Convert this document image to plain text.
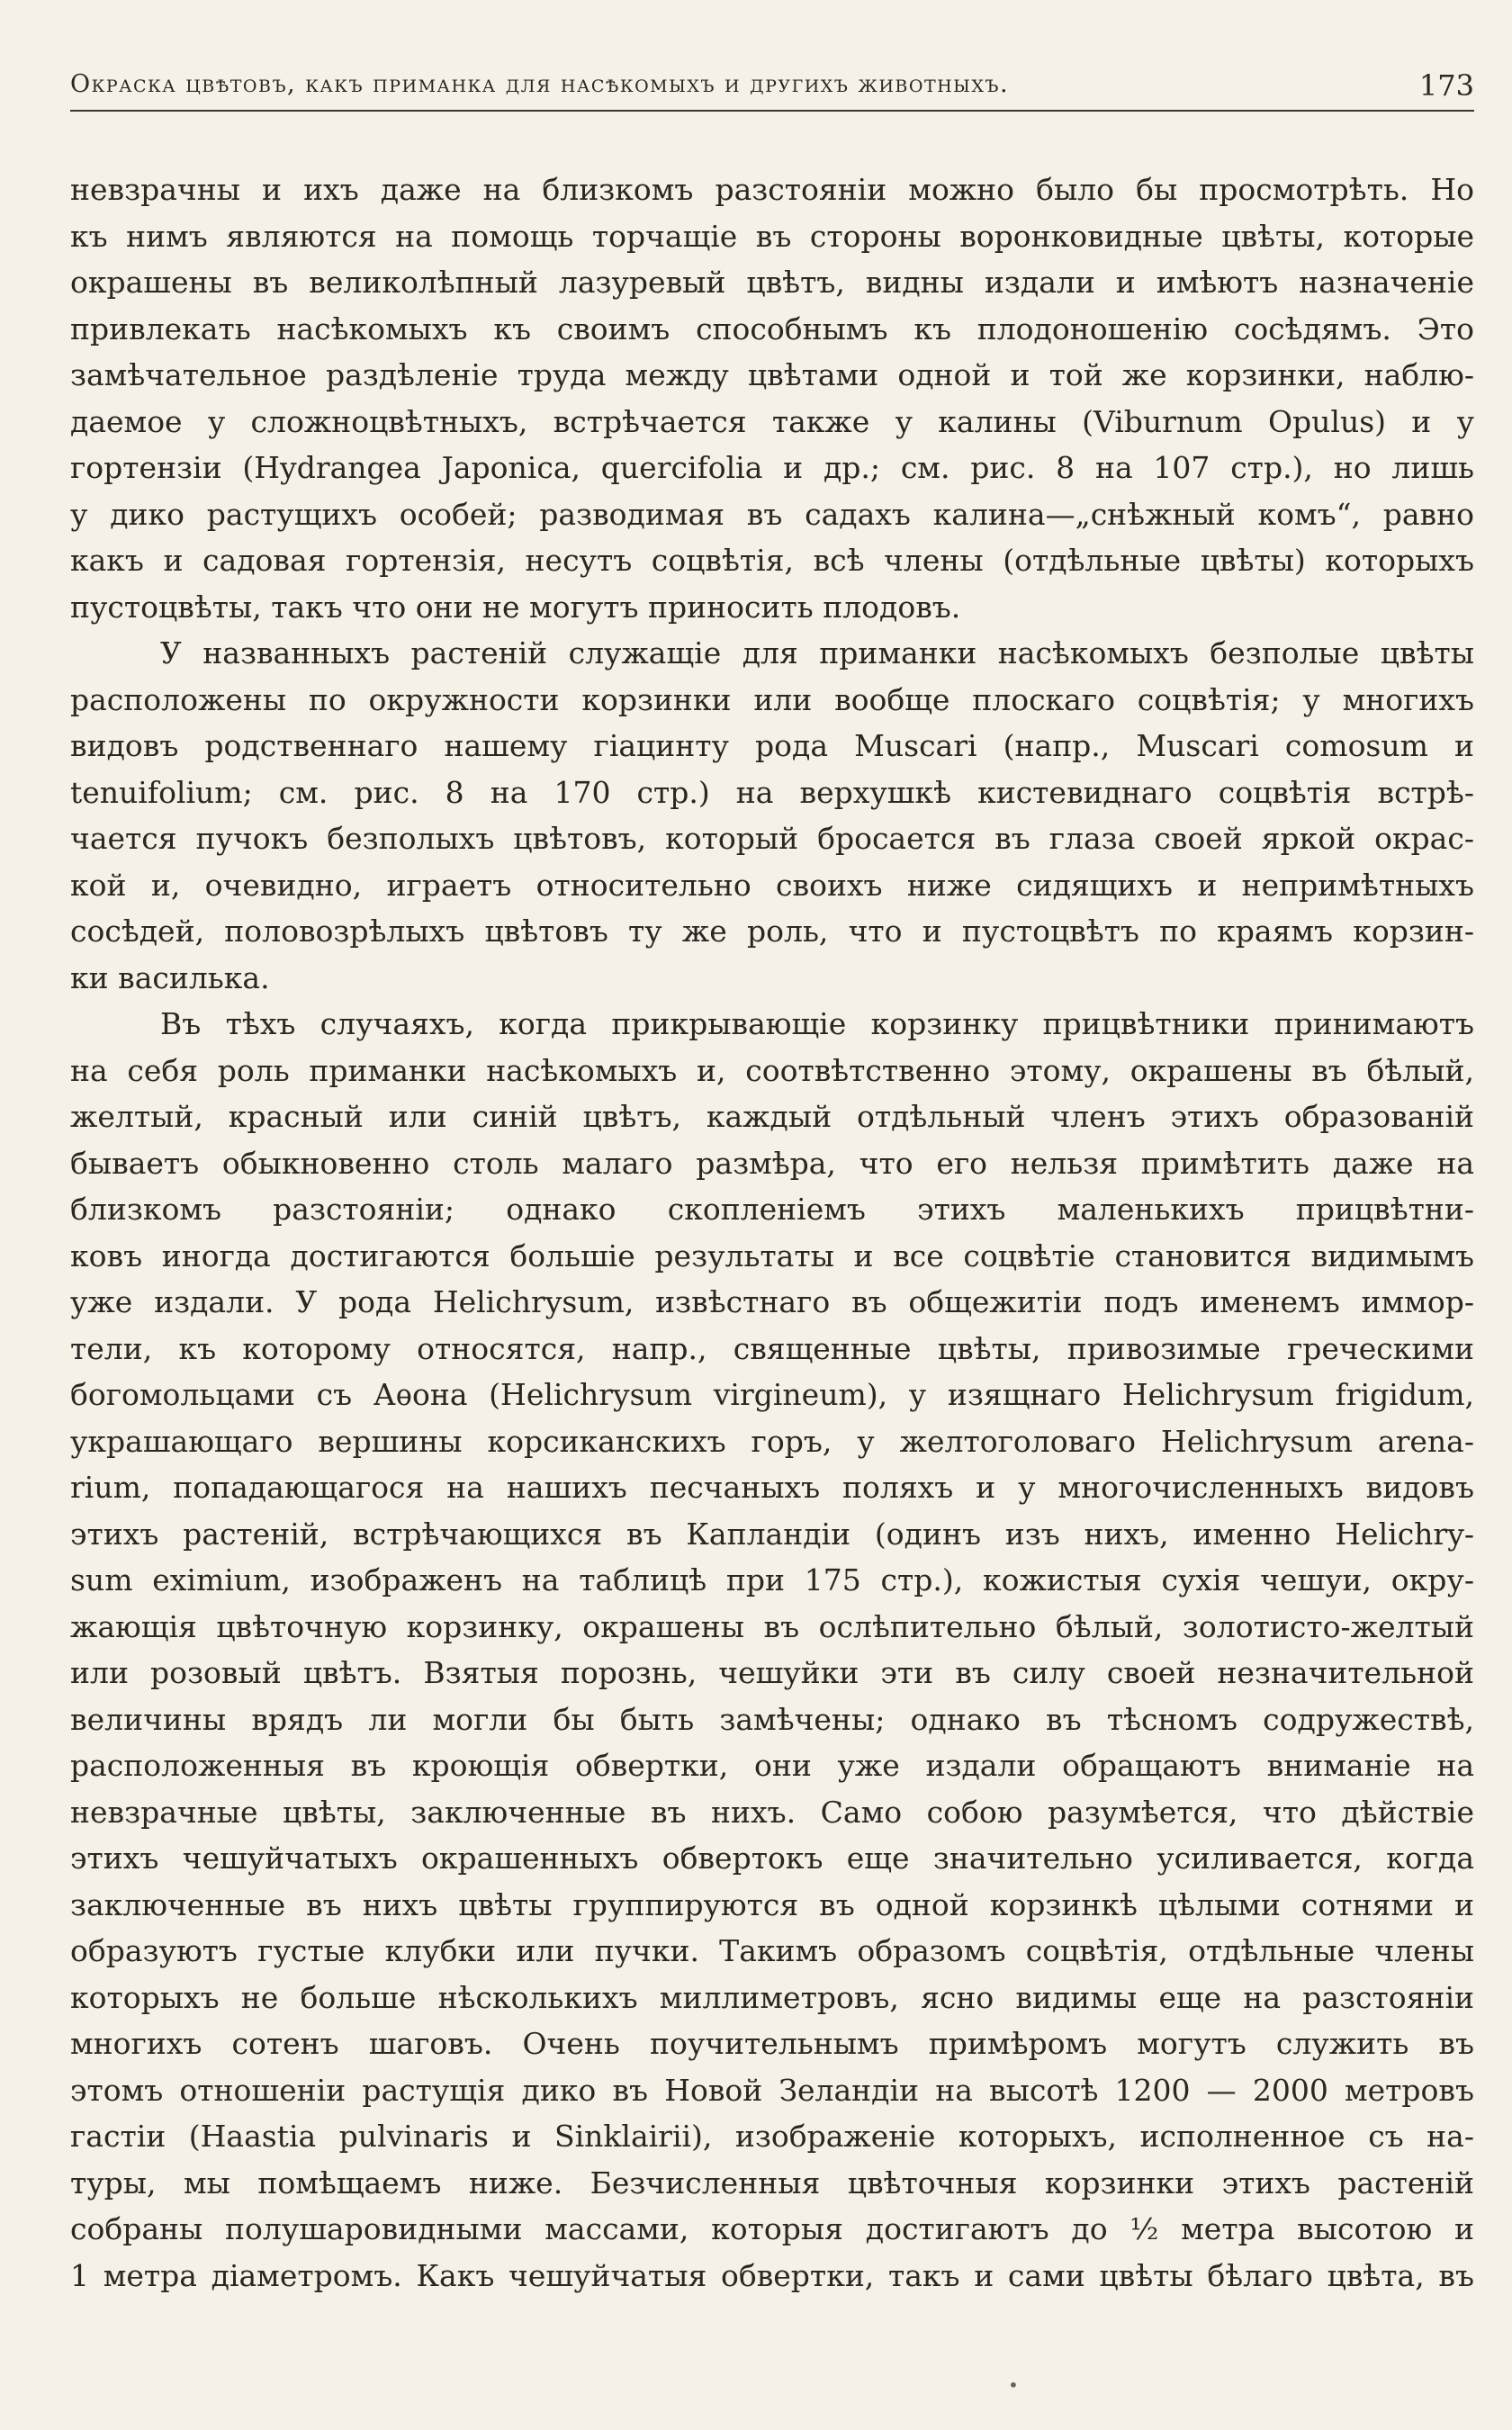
Окраска цвѣтовъ, какъ приманка для насѣкомыхъ и другихъ животныхъ.	173
невзрачны и ихъ даже на близкомъ разстоянiи можно было бы просмотрѣть. Но
къ нимъ являются на помощь торчащiе въ стороны воронковидные цвѣты, которые
окрашены въ великолѣпный лазуревый цвѣтъ, видны издали и имѣютъ назначенiе
привлекать насѣкомыхъ къ своимъ способнымъ къ плодоношенiю сосѣдямъ. Это
замѣчательное раздѣленiе труда между цвѣтами одной и той же корзинки, наблю-
даемое у сложноцвѣтныхъ, встрѣчается также у калины (Viburnum Opulus) и у
гортензiи (Hydrangea Japonica, quercifolia и др.; см. рис. 8 на 107 стр.), но лишь
у дико растущихъ особей; разводимая въ садахъ калина—„снѣжный комъ“, равно
какъ и садовая гортензiя, несутъ соцвѣтiя, всѣ члены (отдѣльные цвѣты) которыхъ
пустоцвѣты, такъ что они не могутъ приносить плодовъ.
У названныхъ растенiй служащiе для приманки насѣкомыхъ безполые цвѣты
расположены по окружности корзинки или вообще плоскаго соцвѣтiя; у многихъ
видовъ родственнаго нашему гiацинту рода Muscari (напр., Muscari comosum и
tenuifolium; см. рис. 8 на 170 стр.) на верхушкѣ кистевиднаго соцвѣтiя встрѣ-
чается пучокъ безполыхъ цвѣтовъ, который бросается въ глаза своей яркой окрас-
кой и, очевидно, играетъ относительно своихъ ниже сидящихъ и непримѣтныхъ
сосѣдей, половозрѣлыхъ цвѣтовъ ту же роль, что и пустоцвѣтъ по краямъ корзин-
ки василька.
Въ тѣхъ случаяхъ, когда прикрывающiе корзинку прицвѣтники принимаютъ
на себя роль приманки насѣкомыхъ и, соотвѣтственно этому, окрашены въ бѣлый,
желтый, красный или синiй цвѣтъ, каждый отдѣльный членъ этихъ образованiй
бываетъ обыкновенно столь малаго размѣра, что его нельзя примѣтить даже на
близкомъ разстоянiи; однако скопленiемъ этихъ маленькихъ прицвѣтни-
ковъ иногда достигаются большiе результаты и все соцвѣтiе становится видимымъ
уже издали. У рода Helichrysum, извѣстнаго въ общежитiи подъ именемъ иммор-
тели, къ которому относятся, напр., священные цвѣты, привозимые греческими
богомольцами съ Аѳона (Helichrysum virgineum), у изящнаго Helichrysum frigidum,
украшающаго вершины корсиканскихъ горъ, у желтоголоваго Helichrysum arena-
rium, попадающагося на нашихъ песчаныхъ поляхъ и у многочисленныхъ видовъ
этихъ растенiй, встрѣчающихся въ Капландiи (одинъ изъ нихъ, именно Helichry-
sum eximium, изображенъ на таблицѣ при 175 стр.), кожистыя сухiя чешуи, окру-
жающiя цвѣточную корзинку, окрашены въ ослѣпительно бѣлый, золотисто-желтый
или розовый цвѣтъ. Взятыя порознь, чешуйки эти въ силу своей незначительной
величины врядъ ли могли бы быть замѣчены; однако въ тѣсномъ содружествѣ,
расположенныя въ кроющiя обвертки, они уже издали обращаютъ вниманiе на
невзрачные цвѣты, заключенные въ нихъ. Само собою разумѣется, что дѣйствiе
этихъ чешуйчатыхъ окрашенныхъ обвертокъ еще значительно усиливается, когда
заключенные въ нихъ цвѣты группируются въ одной корзинкѣ цѣлыми сотнями и
образуютъ густые клубки или пучки. Такимъ образомъ соцвѣтiя, отдѣльные члены
которыхъ не больше нѣсколькихъ миллиметровъ, ясно видимы еще на разстоянiи
многихъ сотенъ шаговъ. Очень поучительнымъ примѣромъ могутъ служить въ
этомъ отношенiи растущiя дико въ Новой Зеландiи на высотѣ 1200 — 2000 метровъ
гастiи (Haastia pulvinaris и Sinklairii), изображенiе которыхъ, исполненное съ на-
туры, мы помѣщаемъ ниже. Безчисленныя цвѣточныя корзинки этихъ растенiй
собраны полушаровидными массами, которыя достигаютъ до ½ метра высотою и
1 метра дiаметромъ. Какъ чешуйчатыя обвертки, такъ и сами цвѣты бѣлаго цвѣта, въ
•
